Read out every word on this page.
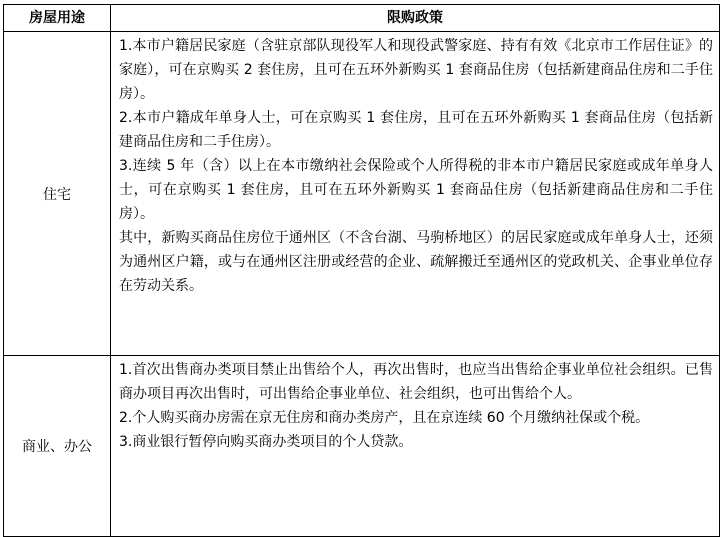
房屋用途	限购政策
住宅	1.本市户籍居民家庭（含驻京部队现役军人和现役武警家庭、持有有效《北京市工作居住证》的家庭），可在京购买 2 套住房，且可在五环外新购买 1 套商品住房（包括新建商品住房和二手住房）。

2.本市户籍成年单身人士，可在京购买 1 套住房，且可在五环外新购买 1 套商品住房（包括新建商品住房和二手住房）。

3.连续 5 年（含）以上在本市缴纳社会保险或个人所得税的非本市户籍居民家庭或成年单身人士，可在京购买 1 套住房，且可在五环外新购买 1 套商品住房（包括新建商品住房和二手住房）。

其中，新购买商品住房位于通州区（不含台湖、马驹桥地区）的居民家庭或成年单身人士，还须为通州区户籍，或与在通州区注册或经营的企业、疏解搬迁至通州区的党政机关、企事业单位存在劳动关系。

商业、办公	1.首次出售商办类项目禁止出售给个人，再次出售时，也应当出售给企事业单位社会组织。已售商办项目再次出售时，可出售给企事业单位、社会组织，也可出售给个人。

2.个人购买商办房需在京无住房和商办类房产，且在京连续 60 个月缴纳社保或个税。

3.商业银行暂停向购买商办类项目的个人贷款。
